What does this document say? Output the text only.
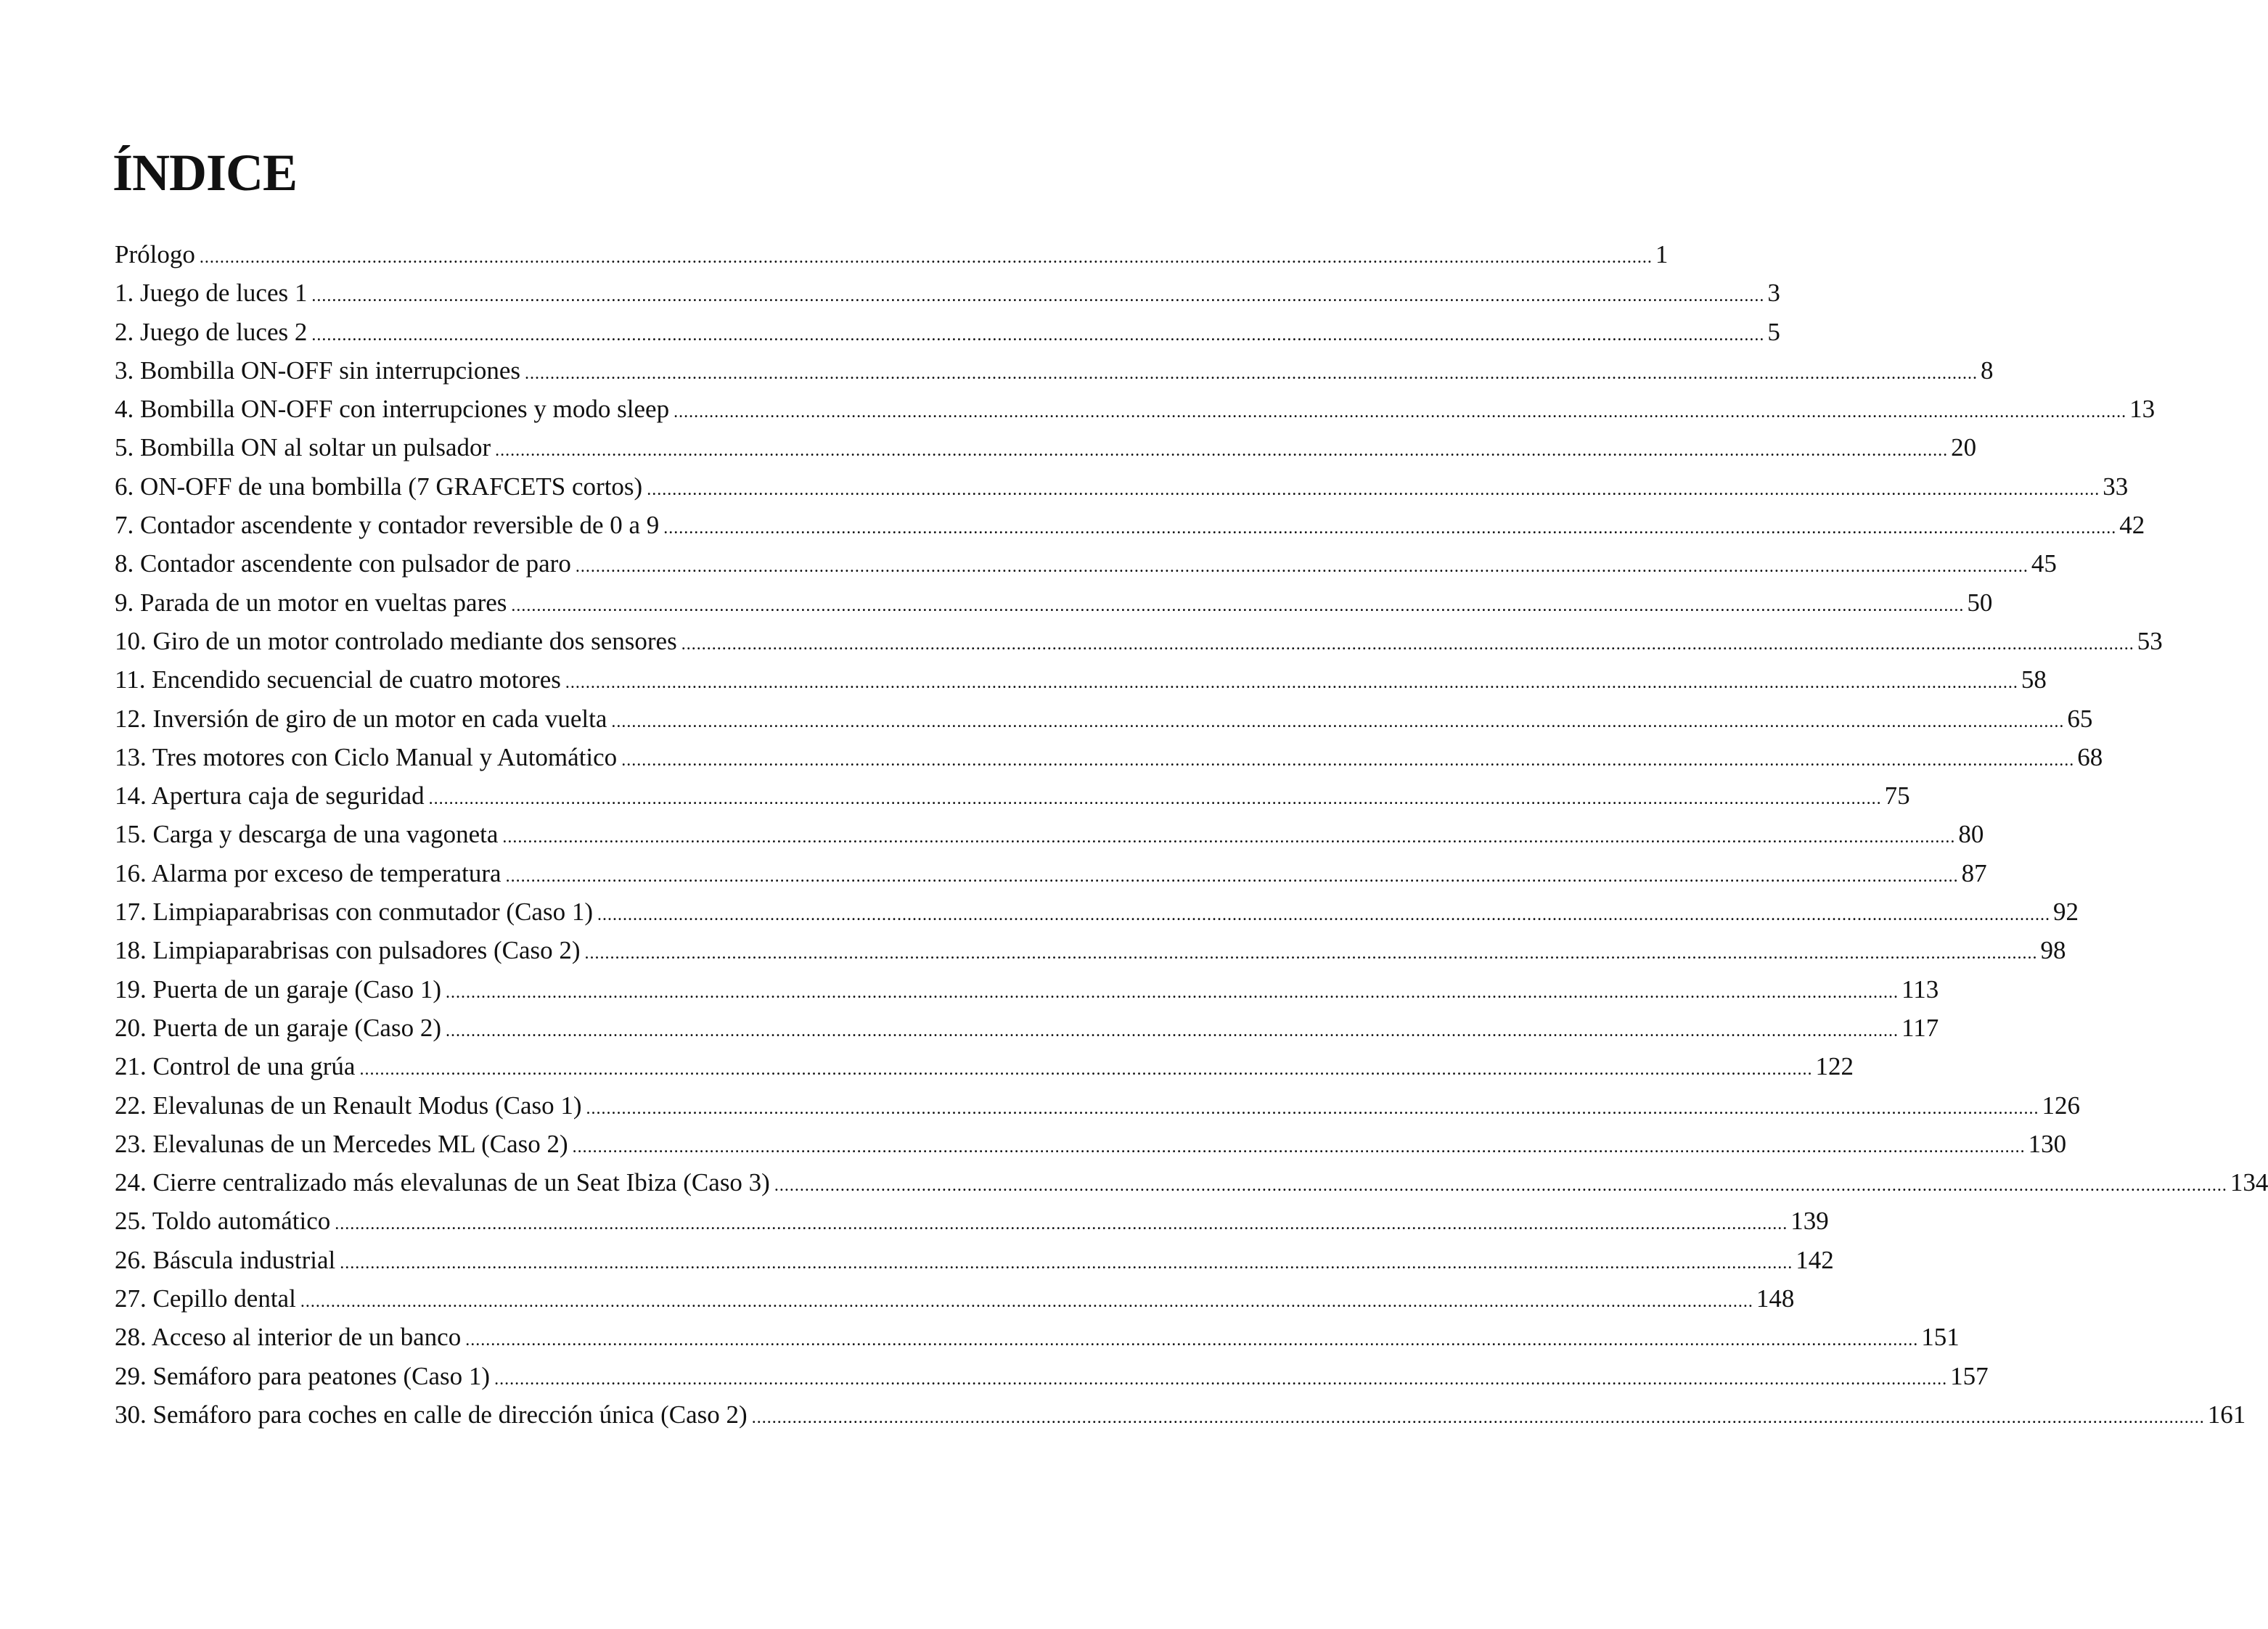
ÍNDICE
Prólogo .............................................................................................................................................................................................................................................................................................. 1
1. Juego de luces 1 .............................................................................................................................................................................................................................................................................................. 3
2. Juego de luces 2 .............................................................................................................................................................................................................................................................................................. 5
3. Bombilla ON-OFF sin interrupciones .............................................................................................................................................................................................................................................................................................. 8
4. Bombilla ON-OFF con interrupciones y modo sleep .............................................................................................................................................................................................................................................................................................. 13
5. Bombilla ON al soltar un pulsador .............................................................................................................................................................................................................................................................................................. 20
6. ON-OFF de una bombilla (7 GRAFCETS cortos) .............................................................................................................................................................................................................................................................................................. 33
7. Contador ascendente y contador reversible de 0 a 9 .............................................................................................................................................................................................................................................................................................. 42
8. Contador ascendente con pulsador de paro .............................................................................................................................................................................................................................................................................................. 45
9. Parada de un motor en vueltas pares .............................................................................................................................................................................................................................................................................................. 50
10. Giro de un motor controlado mediante dos sensores .............................................................................................................................................................................................................................................................................................. 53
11. Encendido secuencial de cuatro motores .............................................................................................................................................................................................................................................................................................. 58
12. Inversión de giro de un motor en cada vuelta .............................................................................................................................................................................................................................................................................................. 65
13. Tres motores con Ciclo Manual y Automático .............................................................................................................................................................................................................................................................................................. 68
14. Apertura caja de seguridad .............................................................................................................................................................................................................................................................................................. 75
15. Carga y descarga de una vagoneta .............................................................................................................................................................................................................................................................................................. 80
16. Alarma por exceso de temperatura .............................................................................................................................................................................................................................................................................................. 87
17. Limpiaparabrisas con conmutador (Caso 1) .............................................................................................................................................................................................................................................................................................. 92
18. Limpiaparabrisas con pulsadores (Caso 2) .............................................................................................................................................................................................................................................................................................. 98
19. Puerta de un garaje (Caso 1) .............................................................................................................................................................................................................................................................................................. 113
20. Puerta de un garaje (Caso 2) .............................................................................................................................................................................................................................................................................................. 117
21. Control de una grúa .............................................................................................................................................................................................................................................................................................. 122
22. Elevalunas de un Renault Modus (Caso 1) .............................................................................................................................................................................................................................................................................................. 126
23. Elevalunas de un Mercedes ML (Caso 2) .............................................................................................................................................................................................................................................................................................. 130
24. Cierre centralizado más elevalunas de un Seat Ibiza (Caso 3) .............................................................................................................................................................................................................................................................................................. 134
25. Toldo automático .............................................................................................................................................................................................................................................................................................. 139
26. Báscula industrial .............................................................................................................................................................................................................................................................................................. 142
27. Cepillo dental .............................................................................................................................................................................................................................................................................................. 148
28. Acceso al interior de un banco .............................................................................................................................................................................................................................................................................................. 151
29. Semáforo para peatones (Caso 1) .............................................................................................................................................................................................................................................................................................. 157
30. Semáforo para coches en calle de dirección única (Caso 2) .............................................................................................................................................................................................................................................................................................. 161
